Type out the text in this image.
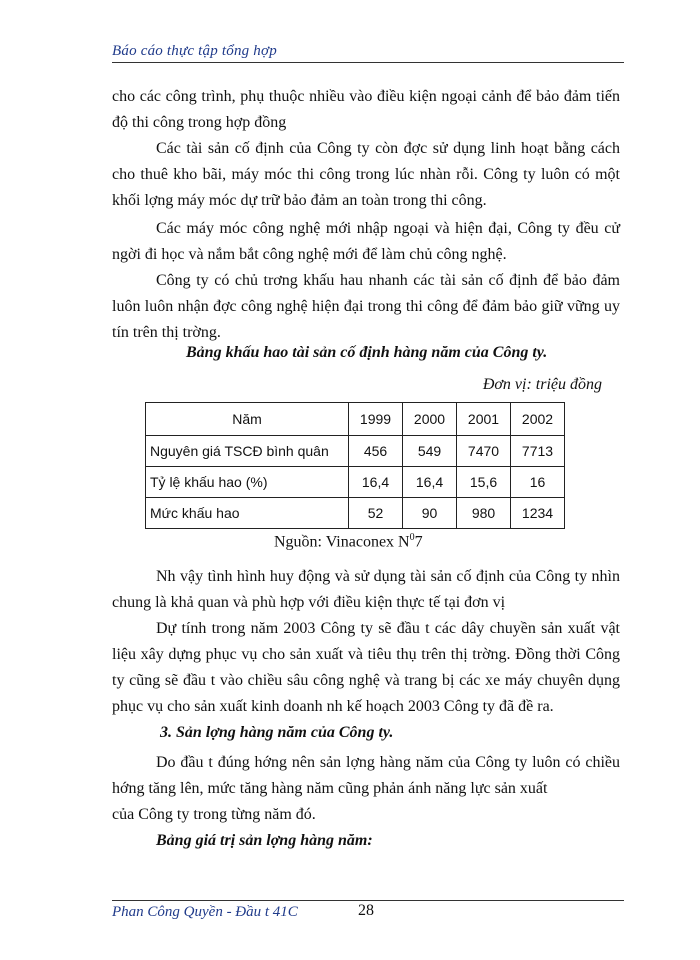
Báo cáo thực tập tổng hợp

cho các công trình, phụ thuộc nhiều vào điều kiện ngoại cảnh để bảo đảm tiến độ thi công trong hợp đồng

Các tài sản cố định của Công ty còn đợc sử dụng linh hoạt bằng cách cho thuê kho bãi, máy móc thi công trong lúc nhàn rỗi. Công ty luôn có một khối lợng máy móc dự trữ bảo đảm an toàn trong thi công.

Các máy móc công nghệ mới nhập ngoại và hiện đại, Công ty đều cử ngời đi học và nắm bắt công nghệ mới để làm chủ công nghệ.

Công ty có chủ trơng khấu hau nhanh các tài sản cố định để bảo đảm luôn luôn nhận đợc công nghệ hiện đại trong thi công để đảm bảo giữ vững uy tín trên thị trờng.

Bảng khấu hao tài sản cố định hàng năm của Công ty.
Đơn vị: triệu đồng
Năm	1999	2000	2001	2002
Nguyên giá TSCĐ bình quân	456	549	7470	7713
Tỷ lệ khấu hao (%)	16,4	16,4	15,6	16
Mức khấu hao	52	90	980	1234
Nguồn: Vinaconex $N^07$

Nh vậy tình hình huy động và sử dụng tài sản cố định của Công ty nhìn chung là khả quan và phù hợp với điều kiện thực tế tại đơn vị

Dự tính trong năm 2003 Công ty sẽ đầu t các dây chuyền sản xuất vật liệu xây dựng phục vụ cho sản xuất và tiêu thụ trên thị trờng. Đồng thời Công ty cũng sẽ đầu t vào chiều sâu công nghệ và trang bị các xe máy chuyên dụng phục vụ cho sản xuất kinh doanh nh kế hoạch 2003 Công ty đã đề ra.

3. Sản lợng hàng năm của Công ty.

Do đầu t đúng hớng nên sản lợng hàng năm của Công ty luôn có chiều hớng tăng lên, mức tăng hàng năm cũng phản ánh năng lực sản xuất

của Công ty trong từng năm đó.

Bảng giá trị sản lợng hàng năm:
Phan Công Quyền - Đầu t 41C	28
